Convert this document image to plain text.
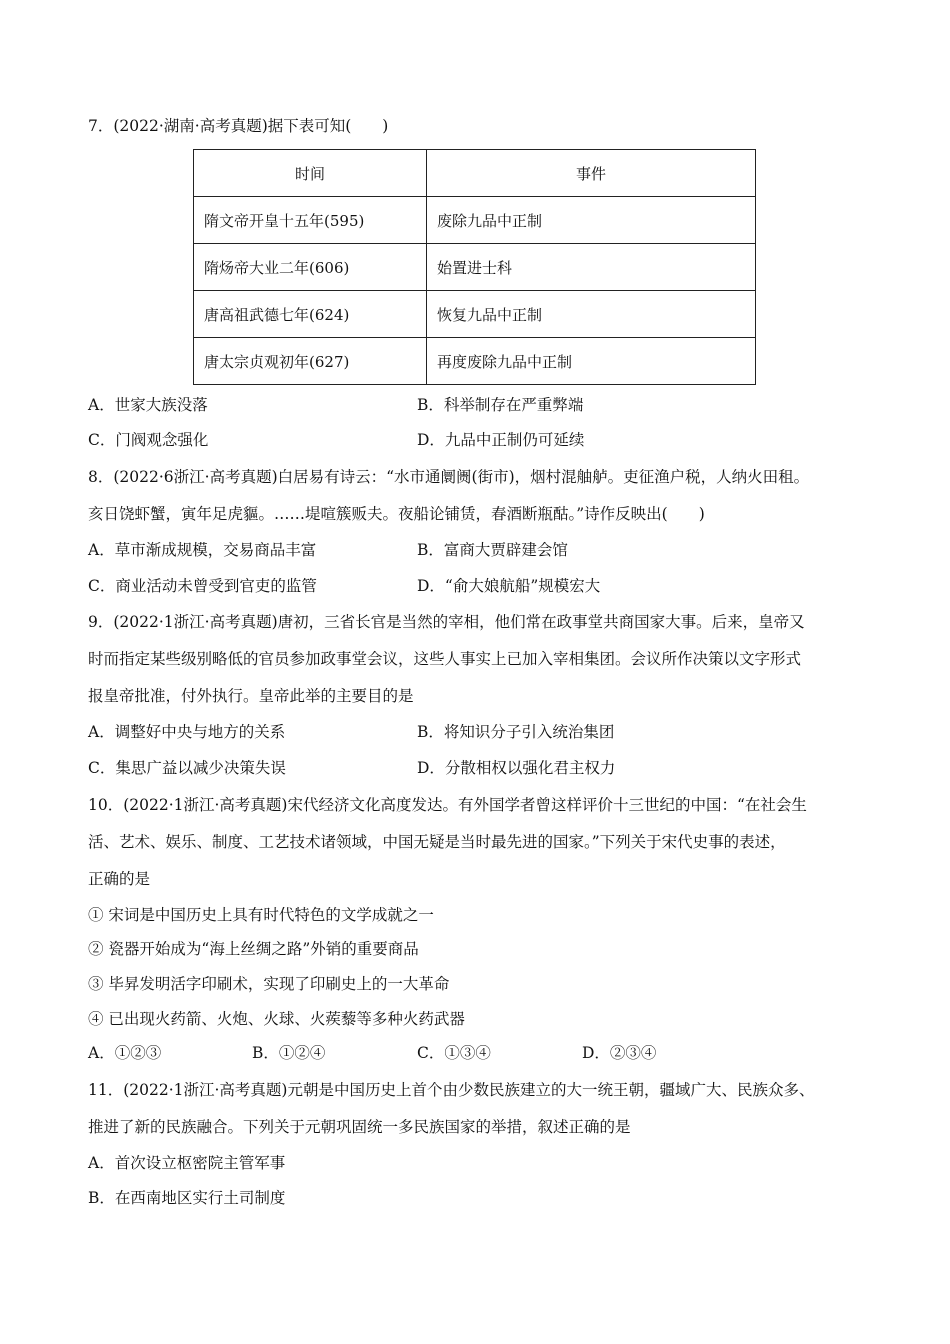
7．(2022·湖南·高考真题)据下表可知(　　)
时间	事件
隋文帝开皇十五年(595)	废除九品中正制
隋炀帝大业二年(606)	始置进士科
唐高祖武德七年(624)	恢复九品中正制
唐太宗贞观初年(627)	再度废除九品中正制
A．世家大族没落	B．科举制存在严重弊端
C．门阀观念强化	D．九品中正制仍可延续
8．(2022·6浙江·高考真题)白居易有诗云：“水市通阛阓(街市)，烟村混舳舻。吏征渔户税，人纳火田租。
亥日饶虾蟹，寅年足虎貙。……堤喧簇贩夫。夜船论铺赁，春酒断瓶酤。”诗作反映出(　　)
A．草市渐成规模，交易商品丰富	B．富商大贾辟建会馆
C．商业活动未曾受到官吏的监管	D．“俞大娘航船”规模宏大
9．(2022·1浙江·高考真题)唐初，三省长官是当然的宰相，他们常在政事堂共商国家大事。后来，皇帝又
时而指定某些级别略低的官员参加政事堂会议，这些人事实上已加入宰相集团。会议所作决策以文字形式
报皇帝批准，付外执行。皇帝此举的主要目的是
A．调整好中央与地方的关系	B．将知识分子引入统治集团
C．集思广益以减少决策失误	D．分散相权以强化君主权力
10．(2022·1浙江·高考真题)宋代经济文化高度发达。有外国学者曾这样评价十三世纪的中国：“在社会生
活、艺术、娱乐、制度、工艺技术诸领域，中国无疑是当时最先进的国家。”下列关于宋代史事的表述，
正确的是
① 宋词是中国历史上具有时代特色的文学成就之一
② 瓷器开始成为“海上丝绸之路”外销的重要商品
③ 毕昇发明活字印刷术，实现了印刷史上的一大革命
④ 已出现火药箭、火炮、火球、火蒺藜等多种火药武器
A．①②③	B．①②④	C．①③④	D．②③④
11．(2022·1浙江·高考真题)元朝是中国历史上首个由少数民族建立的大一统王朝，疆域广大、民族众多、
推进了新的民族融合。下列关于元朝巩固统一多民族国家的举措，叙述正确的是
A．首次设立枢密院主管军事
B．在西南地区实行土司制度
